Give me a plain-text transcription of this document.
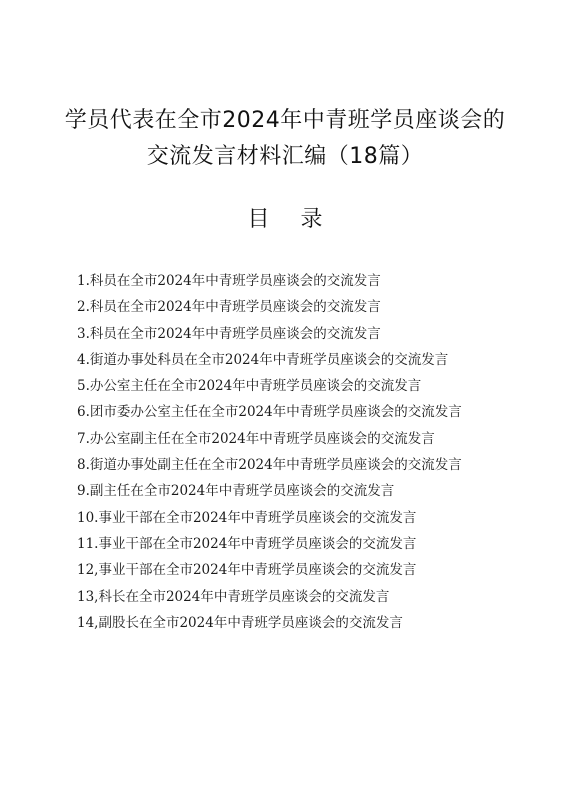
学员代表在全市2024年中青班学员座谈会的
交流发言材料汇编（18篇）
目 录
1.科员在全市2024年中青班学员座谈会的交流发言
2.科员在全市2024年中青班学员座谈会的交流发言
3.科员在全市2024年中青班学员座谈会的交流发言
4.街道办事处科员在全市2024年中青班学员座谈会的交流发言
5.办公室主任在全市2024年中青班学员座谈会的交流发言
6.团市委办公室主任在全市2024年中青班学员座谈会的交流发言
7.办公室副主任在全市2024年中青班学员座谈会的交流发言
8.街道办事处副主任在全市2024年中青班学员座谈会的交流发言
9.副主任在全市2024年中青班学员座谈会的交流发言
10.事业干部在全市2024年中青班学员座谈会的交流发言
11.事业干部在全市2024年中青班学员座谈会的交流发言
12,事业干部在全市2024年中青班学员座谈会的交流发言
13,科长在全市2024年中青班学员座谈会的交流发言
14,副股长在全市2024年中青班学员座谈会的交流发言
